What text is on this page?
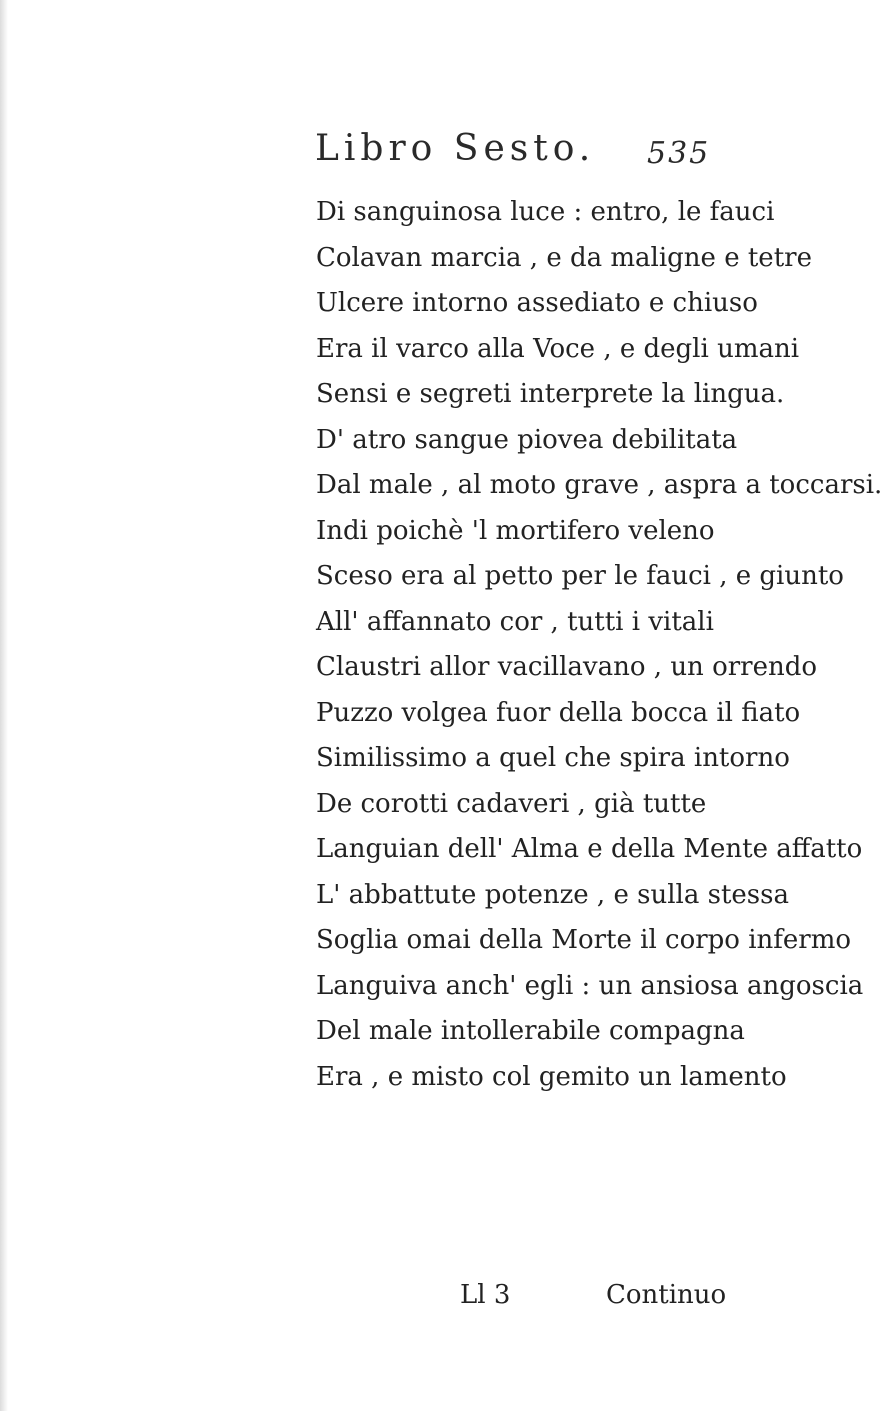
Libro Sesto. 535
Di sanguinosa luce : entro, le fauci
Colavan marcia , e da maligne e tetre
Ulcere intorno assediato e chiuso
Era il varco alla Voce , e degli umani
Sensi e segreti interprete la lingua.
D' atro sangue piovea debilitata
Dal male , al moto grave , aspra a toccarsi.
Indi poichè 'l mortifero veleno
Sceso era al petto per le fauci , e giunto
All' affannato cor , tutti i vitali
Claustri allor vacillavano , un orrendo
Puzzo volgea fuor della bocca il fiato
Similissimo a quel che spira intorno
De corotti cadaveri , già tutte
Languian dell' Alma e della Mente affatto
L' abbattute potenze , e sulla stessa
Soglia omai della Morte il corpo infermo
Languiva anch' egli : un ansiosa angoscia
Del male intollerabile compagna
Era , e misto col gemito un lamento
Ll 3	Continuo
